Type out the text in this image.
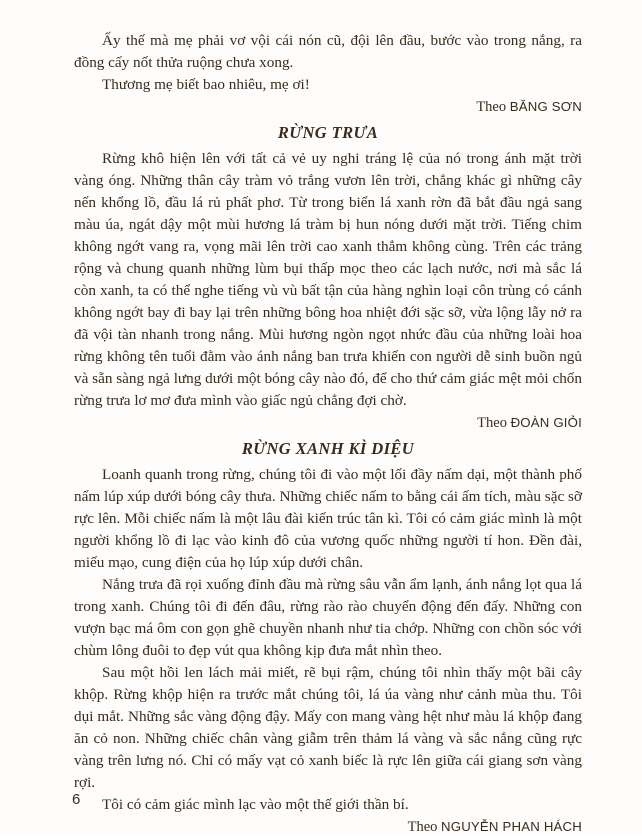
Ấy thế mà mẹ phải vơ vội cái nón cũ, đội lên đầu, bước vào trong nắng, ra đồng cấy nốt thửa ruộng chưa xong.

Thương mẹ biết bao nhiêu, mẹ ơi!

Theo BĂNG SƠN

RỪNG TRƯA

Rừng khô hiện lên với tất cả vẻ uy nghi tráng lệ của nó trong ánh mặt trời vàng óng. Những thân cây tràm vỏ trắng vươn lên trời, chẳng khác gì những cây nến khổng lồ, đầu lá rủ phất phơ. Từ trong biển lá xanh rờn đã bắt đầu ngả sang màu úa, ngát dậy một mùi hương lá tràm bị hun nóng dưới mặt trời. Tiếng chim không ngớt vang ra, vọng mãi lên trời cao xanh thẳm không cùng. Trên các trảng rộng và chung quanh những lùm bụi thấp mọc theo các lạch nước, nơi mà sắc lá còn xanh, ta có thể nghe tiếng vù vù bất tận của hàng nghìn loại côn trùng có cánh không ngớt bay đi bay lại trên những bông hoa nhiệt đới sặc sỡ, vừa lộng lẫy nở ra đã vội tàn nhanh trong nắng. Mùi hương ngòn ngọt nhức đầu của những loài hoa rừng không tên tuổi đằm vào ánh nắng ban trưa khiến con người dễ sinh buồn ngủ và sẵn sàng ngả lưng dưới một bóng cây nào đó, để cho thứ cảm giác mệt mỏi chốn rừng trưa lơ mơ đưa mình vào giấc ngủ chẳng đợi chờ.

Theo ĐOÀN GIỎI

RỪNG XANH KÌ DIỆU

Loanh quanh trong rừng, chúng tôi đi vào một lối đầy nấm dại, một thành phố nấm lúp xúp dưới bóng cây thưa. Những chiếc nấm to bằng cái ấm tích, màu sặc sỡ rực lên. Mỗi chiếc nấm là một lâu đài kiến trúc tân kì. Tôi có cảm giác mình là một người khổng lồ đi lạc vào kinh đô của vương quốc những người tí hon. Đền đài, miếu mạo, cung điện của họ lúp xúp dưới chân.

Nắng trưa đã rọi xuống đỉnh đầu mà rừng sâu vẫn ẩm lạnh, ánh nắng lọt qua lá trong xanh. Chúng tôi đi đến đâu, rừng rào rào chuyển động đến đấy. Những con vượn bạc má ôm con gọn ghẽ chuyền nhanh như tia chớp. Những con chồn sóc với chùm lông đuôi to đẹp vút qua không kịp đưa mắt nhìn theo.

Sau một hồi len lách mải miết, rẽ bụi rậm, chúng tôi nhìn thấy một bãi cây khộp. Rừng khộp hiện ra trước mắt chúng tôi, lá úa vàng như cảnh mùa thu. Tôi dụi mắt. Những sắc vàng động đậy. Mấy con mang vàng hệt như màu lá khộp đang ăn cỏ non. Những chiếc chân vàng giẫm trên thảm lá vàng và sắc nắng cũng rực vàng trên lưng nó. Chỉ có mấy vạt cỏ xanh biếc là rực lên giữa cái giang sơn vàng rợi.

Tôi có cảm giác mình lạc vào một thế giới thần bí.

Theo NGUYỄN PHAN HÁCH

6
